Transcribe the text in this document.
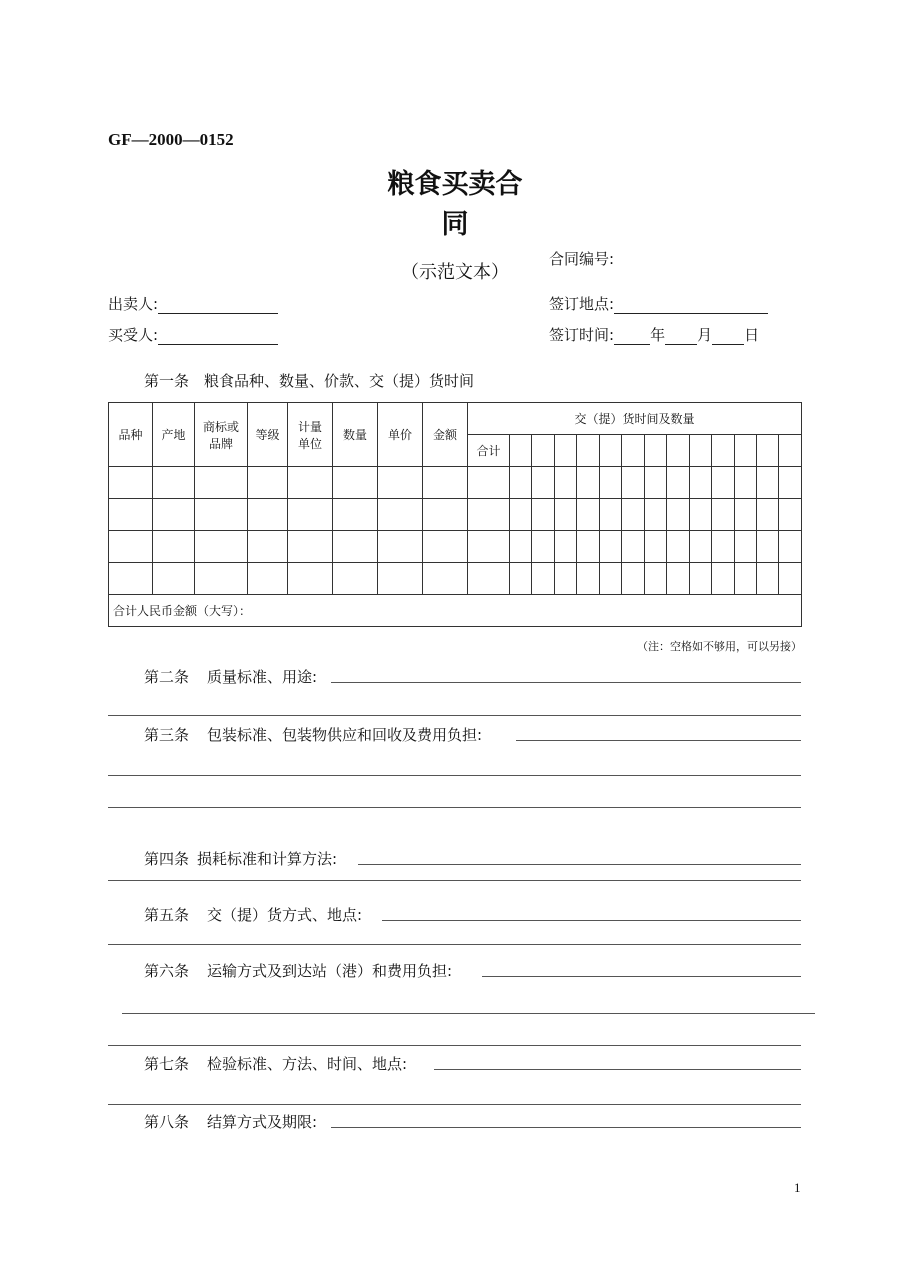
GF—2000—0152
粮食买卖合
同
（示范文本）
合同编号:
出卖人:
买受人:
签订地点:
签订时间: 年 月 日
第一条　粮食品种、数量、价款、交（提）货时间
品种	产地	商标或品牌	等级	计量单位	数量	单价	金额	交（提）货时间及数量													
								合计													

合计人民币金额（大写）：																					
（注：空格如不够用，可以另接）
第二条 质量标准、用途:
第三条 包装标准、包装物供应和回收及费用负担:
第四条 损耗标准和计算方法:
第五条 交（提）货方式、地点:
第六条 运输方式及到达站（港）和费用负担:
第七条 检验标准、方法、时间、地点:
第八条 结算方式及期限:
1
